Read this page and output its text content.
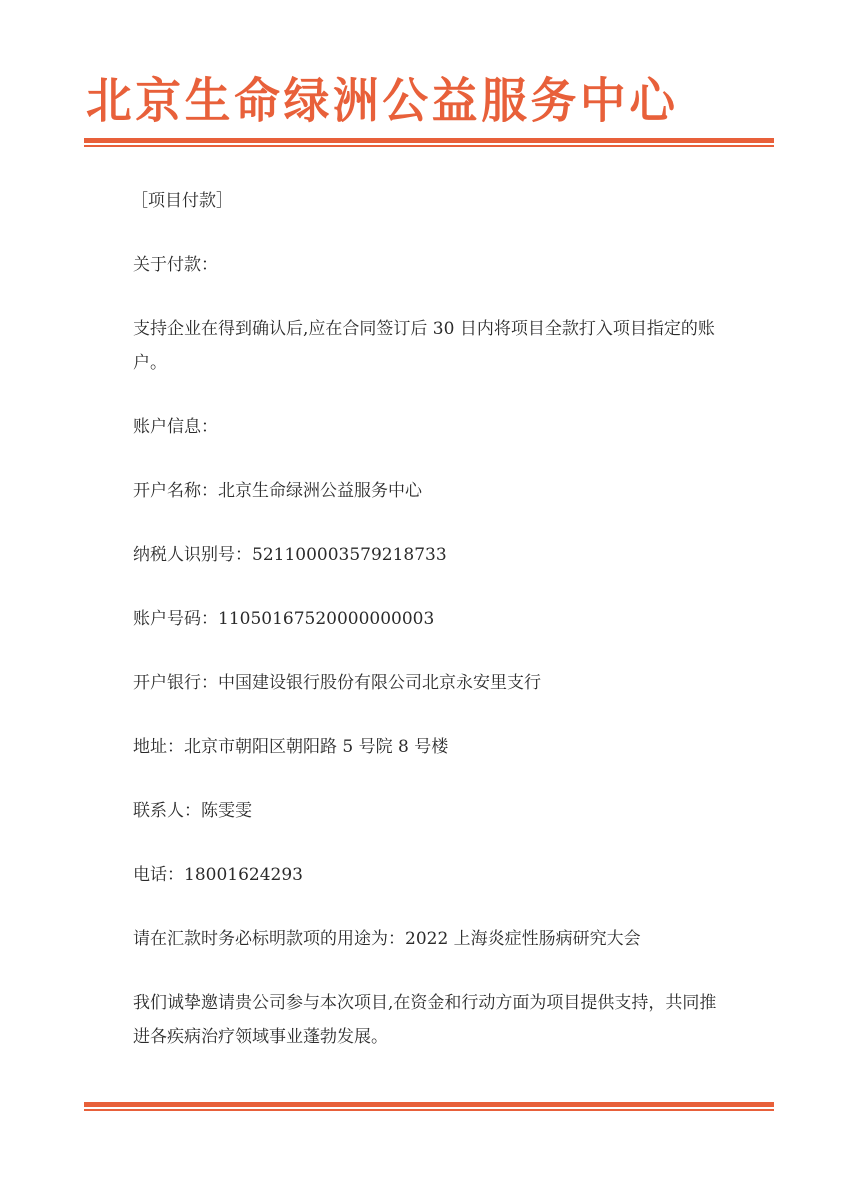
北京生命绿洲公益服务中心

［项目付款］

关于付款：

支持企业在得到确认后,应在合同签订后 30 日内将项目全款打入项目指定的账户。

账户信息：

开户名称：北京生命绿洲公益服务中心

纳税人识别号：521100003579218733

账户号码：11050167520000000003

开户银行：中国建设银行股份有限公司北京永安里支行

地址：北京市朝阳区朝阳路 5 号院 8 号楼

联系人：陈雯雯

电话：18001624293

请在汇款时务必标明款项的用途为：2022 上海炎症性肠病研究大会

我们诚挚邀请贵公司参与本次项目,在资金和行动方面为项目提供支持，共同推进各疾病治疗领域事业蓬勃发展。
